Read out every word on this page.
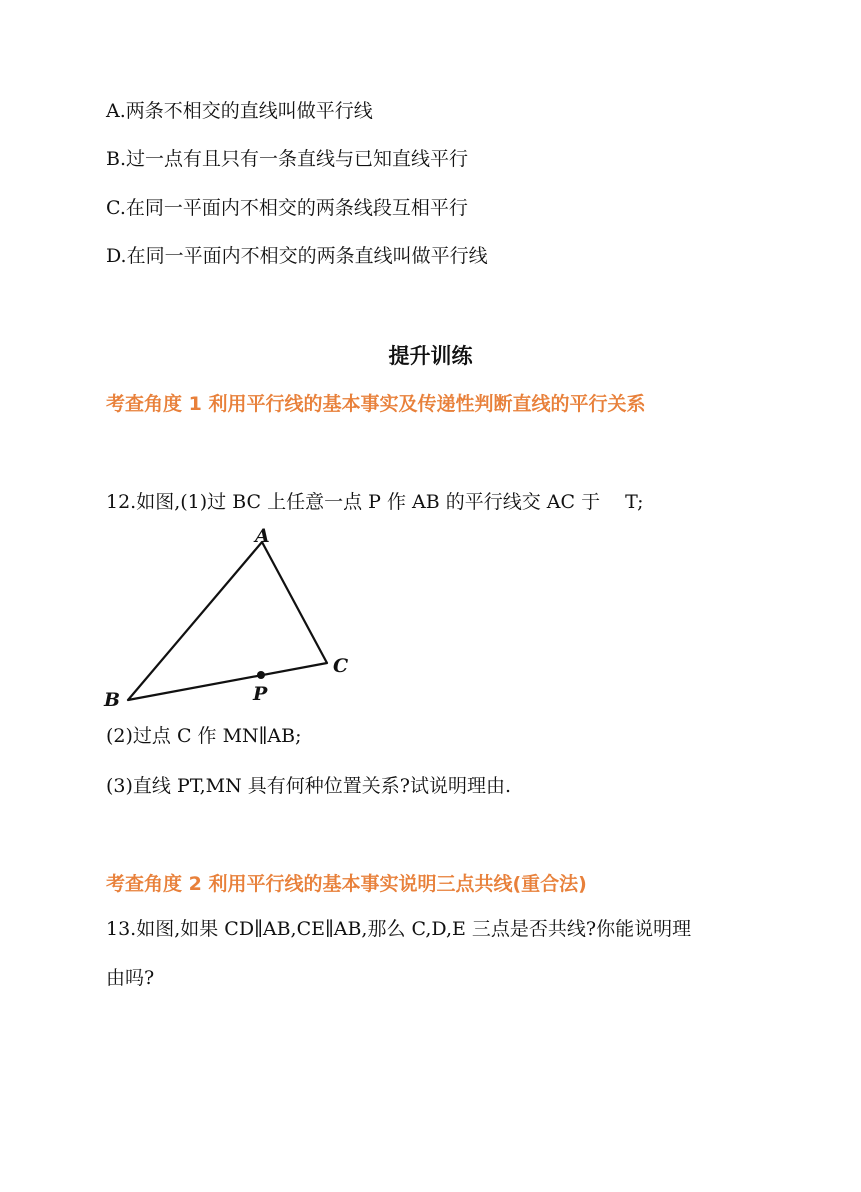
A.两条不相交的直线叫做平行线
B.过一点有且只有一条直线与已知直线平行
C.在同一平面内不相交的两条线段互相平行
D.在同一平面内不相交的两条直线叫做平行线
提升训练
考查角度 1 利用平行线的基本事实及传递性判断直线的平行关系
12.如图,(1)过 BC 上任意一点 P 作 AB 的平行线交 AC 于　 T;
A
B
C
P
(2)过点 C 作 MN∥AB;
(3)直线 PT,MN 具有何种位置关系?试说明理由.
考查角度 2 利用平行线的基本事实说明三点共线(重合法)
13.如图,如果 CD∥AB,CE∥AB,那么 C,D,E 三点是否共线?你能说明理
由吗?
